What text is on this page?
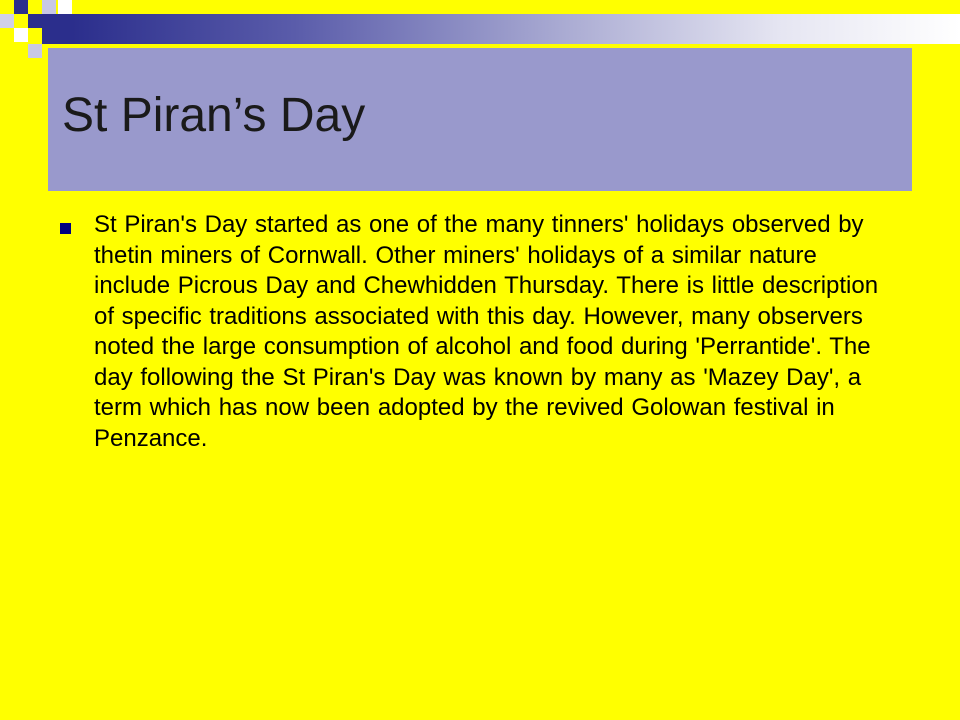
St Piran’s Day
St Piran's Day started as one of the many tinners' holidays observed by thetin miners of Cornwall. Other miners' holidays of a similar nature include Picrous Day and Chewhidden Thursday. There is little description of specific traditions associated with this day. However, many observers noted the large consumption of alcohol and food during 'Perrantide'. The day following the St Piran's Day was known by many as 'Mazey Day', a term which has now been adopted by the revived Golowan festival in Penzance.
